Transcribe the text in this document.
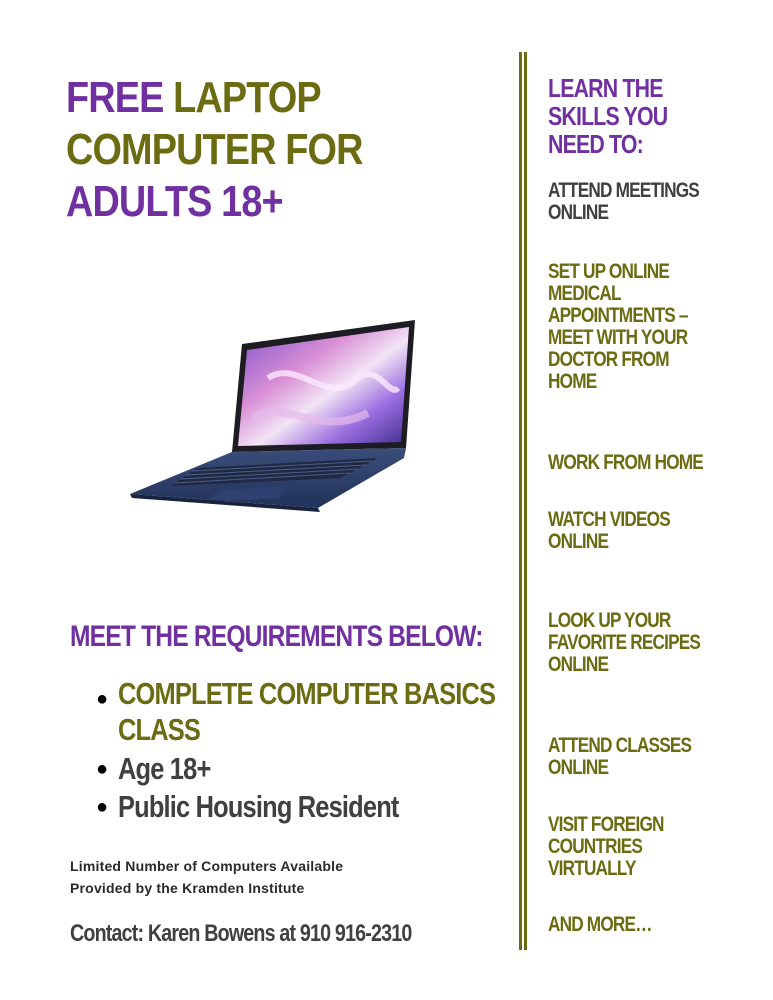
FREE LAPTOP COMPUTER FOR
ADULTS 18+
MEET THE REQUIREMENTS BELOW:
● COMPLETE COMPUTER BASICS
CLASS
● Age 18+
● Public Housing Resident

Limited Number of Computers Available
Provided by the Kramden Institute

Contact: Karen Bowens at 910 916-2310

LEARN THE
SKILLS YOU
NEED TO:

ATTEND MEETINGS
ONLINE

SET UP ONLINE
MEDICAL
APPOINTMENTS –
MEET WITH YOUR
DOCTOR FROM
HOME

WORK FROM HOME

WATCH VIDEOS
ONLINE

LOOK UP YOUR
FAVORITE RECIPES
ONLINE

ATTEND CLASSES
ONLINE

VISIT FOREIGN
COUNTRIES
VIRTUALLY

AND MORE…
